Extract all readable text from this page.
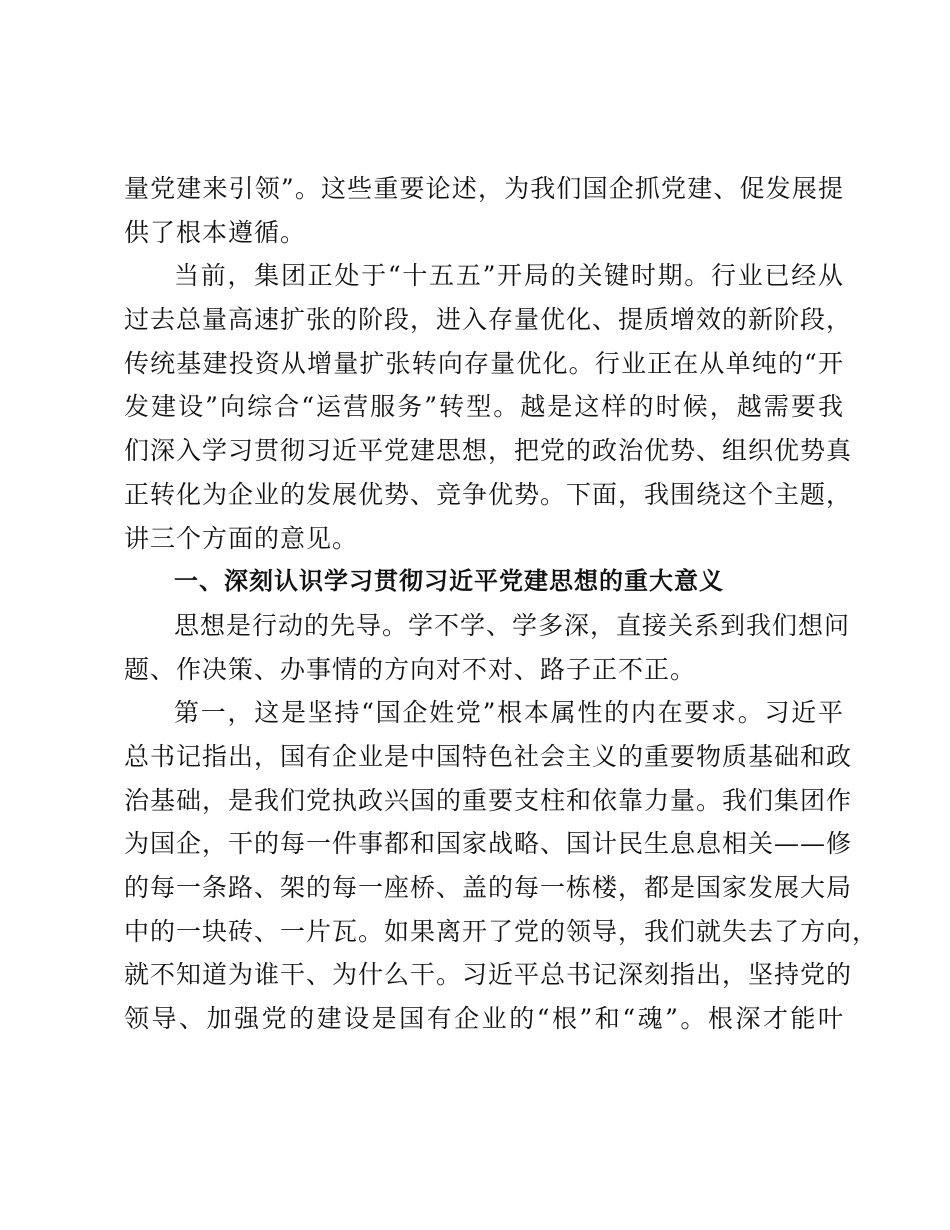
量党建来引领”。这些重要论述，为我们国企抓党建、促发展提
供了根本遵循。
当前，集团正处于“十五五”开局的关键时期。行业已经从
过去总量高速扩张的阶段，进入存量优化、提质增效的新阶段，
传统基建投资从增量扩张转向存量优化。行业正在从单纯的“开
发建设”向综合“运营服务”转型。越是这样的时候，越需要我
们深入学习贯彻习近平党建思想，把党的政治优势、组织优势真
正转化为企业的发展优势、竞争优势。下面，我围绕这个主题，
讲三个方面的意见。
一、深刻认识学习贯彻习近平党建思想的重大意义
思想是行动的先导。学不学、学多深，直接关系到我们想问
题、作决策、办事情的方向对不对、路子正不正。
第一，这是坚持“国企姓党”根本属性的内在要求。习近平
总书记指出，国有企业是中国特色社会主义的重要物质基础和政
治基础，是我们党执政兴国的重要支柱和依靠力量。我们集团作
为国企，干的每一件事都和国家战略、国计民生息息相关——修
的每一条路、架的每一座桥、盖的每一栋楼，都是国家发展大局
中的一块砖、一片瓦。如果离开了党的领导，我们就失去了方向，
就不知道为谁干、为什么干。习近平总书记深刻指出，坚持党的
领导、加强党的建设是国有企业的“根”和“魂”。根深才能叶
